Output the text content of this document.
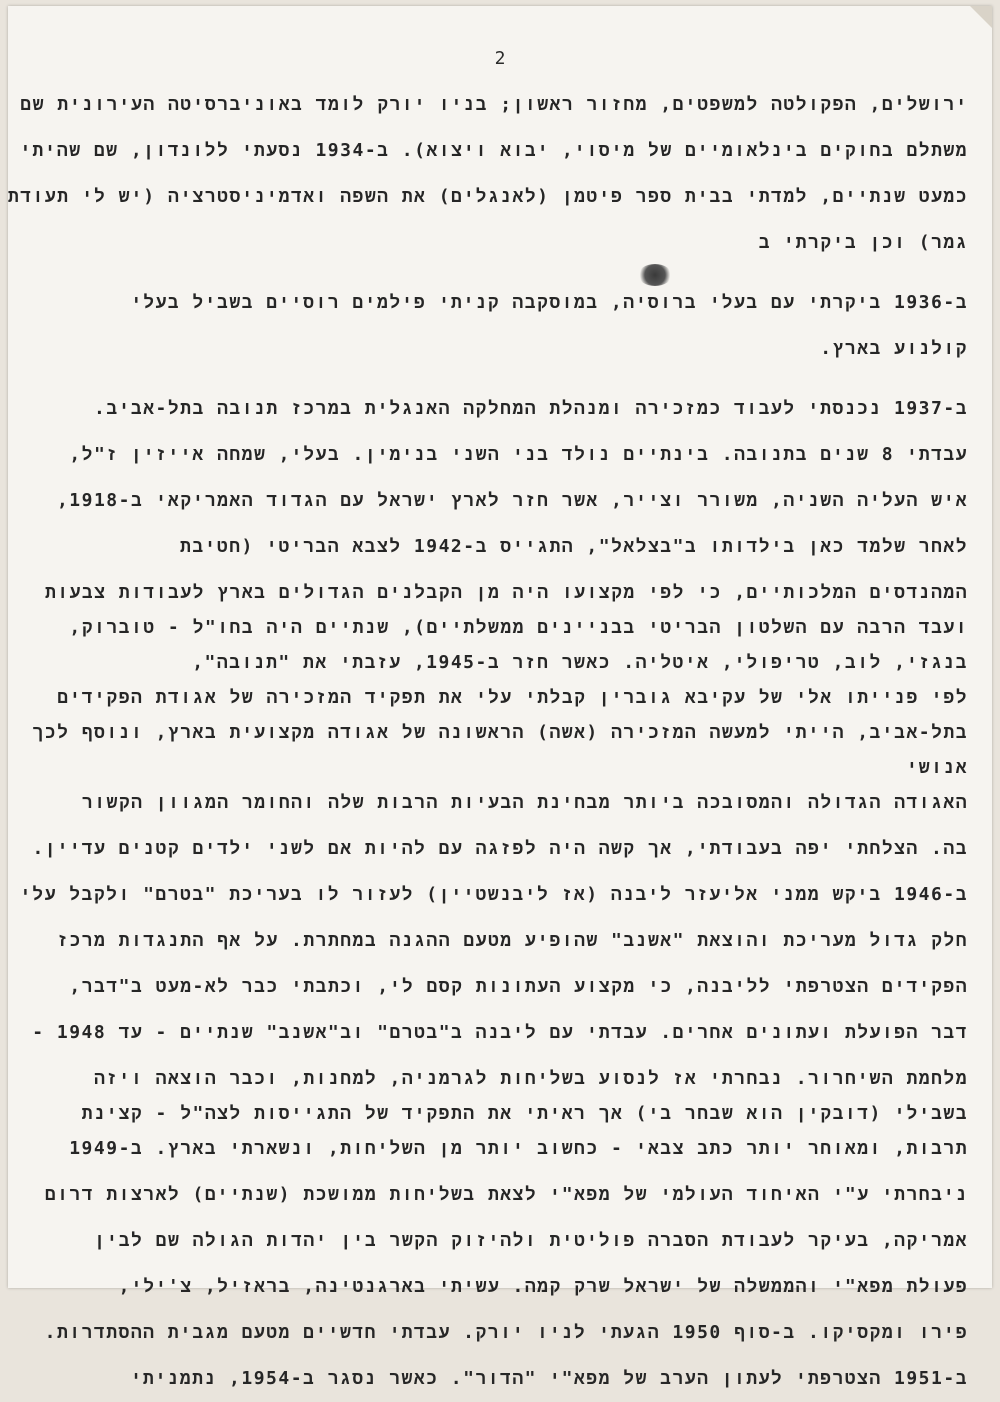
2
ירושלים, הפקולטה למשפטים, מחזור ראשון; בניו יורק לומד באוניברסיטה העירונית שם
משתלם בחוקים בינלאומיים של מיסוי, יבוא ויצוא). ב-1934 נסעתי ללונדון, שם שהיתי
כמעט שנתיים, למדתי בבית ספר פיטמן (לאנגלים) את השפה ואדמיניסטרציה (יש לי תעודת
גמר) וכן ביקרתי ב
ב-1936 ביקרתי עם בעלי ברוסיה, במוסקבה קניתי פילמים רוסיים בשביל בעלי
קולנוע בארץ.
ב-1937 נכנסתי לעבוד כמזכירה ומנהלת המחלקה האנגלית במרכז תנובה בתל-אביב.
עבדתי 8 שנים בתנובה. בינתיים נולד בני השני בנימין. בעלי, שמחה אייזין ז"ל,
איש העליה השניה, משורר וצייר, אשר חזר לארץ ישראל עם הגדוד האמריקאי ב-1918,
לאחר שלמד כאן בילדותו ב"בצלאל", התגייס ב-1942 לצבא הבריטי (חטיבת
המהנדסים המלכותיים, כי לפי מקצועו היה מן הקבלנים הגדולים בארץ לעבודות צבעות
ועבד הרבה עם השלטון הבריטי בבניינים ממשלתיים), שנתיים היה בחו"ל - טוברוק,
בנגזי, לוב, טריפולי, איטליה. כאשר חזר ב-1945, עזבתי את "תנובה",
לפי פנייתו אלי של עקיבא גוברין קבלתי עלי את תפקיד המזכירה של אגודת הפקידים
בתל-אביב, הייתי למעשה המזכירה (אשה) הראשונה של אגודה מקצועית בארץ, ונוסף לכך
אנושי
האגודה הגדולה והמסובכה ביותר מבחינת הבעיות הרבות שלה והחומר המגוון הקשור
בה. הצלחתי יפה בעבודתי, אך קשה היה לפזגה עם להיות אם לשני ילדים קטנים עדיין.
ב-1946 ביקש ממני אליעזר ליבנה (אז ליבנשטיין) לעזור לו בעריכת "בטרם" ולקבל עלי
חלק גדול מעריכת והוצאת "אשנב" שהופיע מטעם ההגנה במחתרת. על אף התנגדות מרכז
הפקידים הצטרפתי לליבנה, כי מקצוע העתונות קסם לי, וכתבתי כבר לא-מעט ב"דבר,
דבר הפועלת ועתונים אחרים. עבדתי עם ליבנה ב"בטרם" וב"אשנב" שנתיים - עד 1948 -
מלחמת השיחרור. נבחרתי אז לנסוע בשליחות לגרמניה, למחנות, וכבר הוצאה ויזה
בשבילי (דובקין הוא שבחר בי) אך ראיתי את התפקיד של התגייסות לצה"ל - קצינת
תרבות, ומאוחר יותר כתב צבאי - כחשוב יותר מן השליחות, ונשארתי בארץ. ב-1949
ניבחרתי ע"י האיחוד העולמי של מפא"י לצאת בשליחות ממושכת (שנתיים) לארצות דרום
אמריקה, בעיקר לעבודת הסברה פוליטית ולהיזוק הקשר בין יהדות הגולה שם לבין
פעולת מפא"י והממשלה של ישראל שרק קמה. עשיתי בארגנטינה, בראזיל, צ'ילי,
פירו ומקסיקו. ב-סוף 1950 הגעתי לניו יורק. עבדתי חדשיים מטעם מגבית ההסתדרות.
ב-1951 הצטרפתי לעתון הערב של מפא"י "הדור". כאשר נסגר ב-1954, נתמניתי
